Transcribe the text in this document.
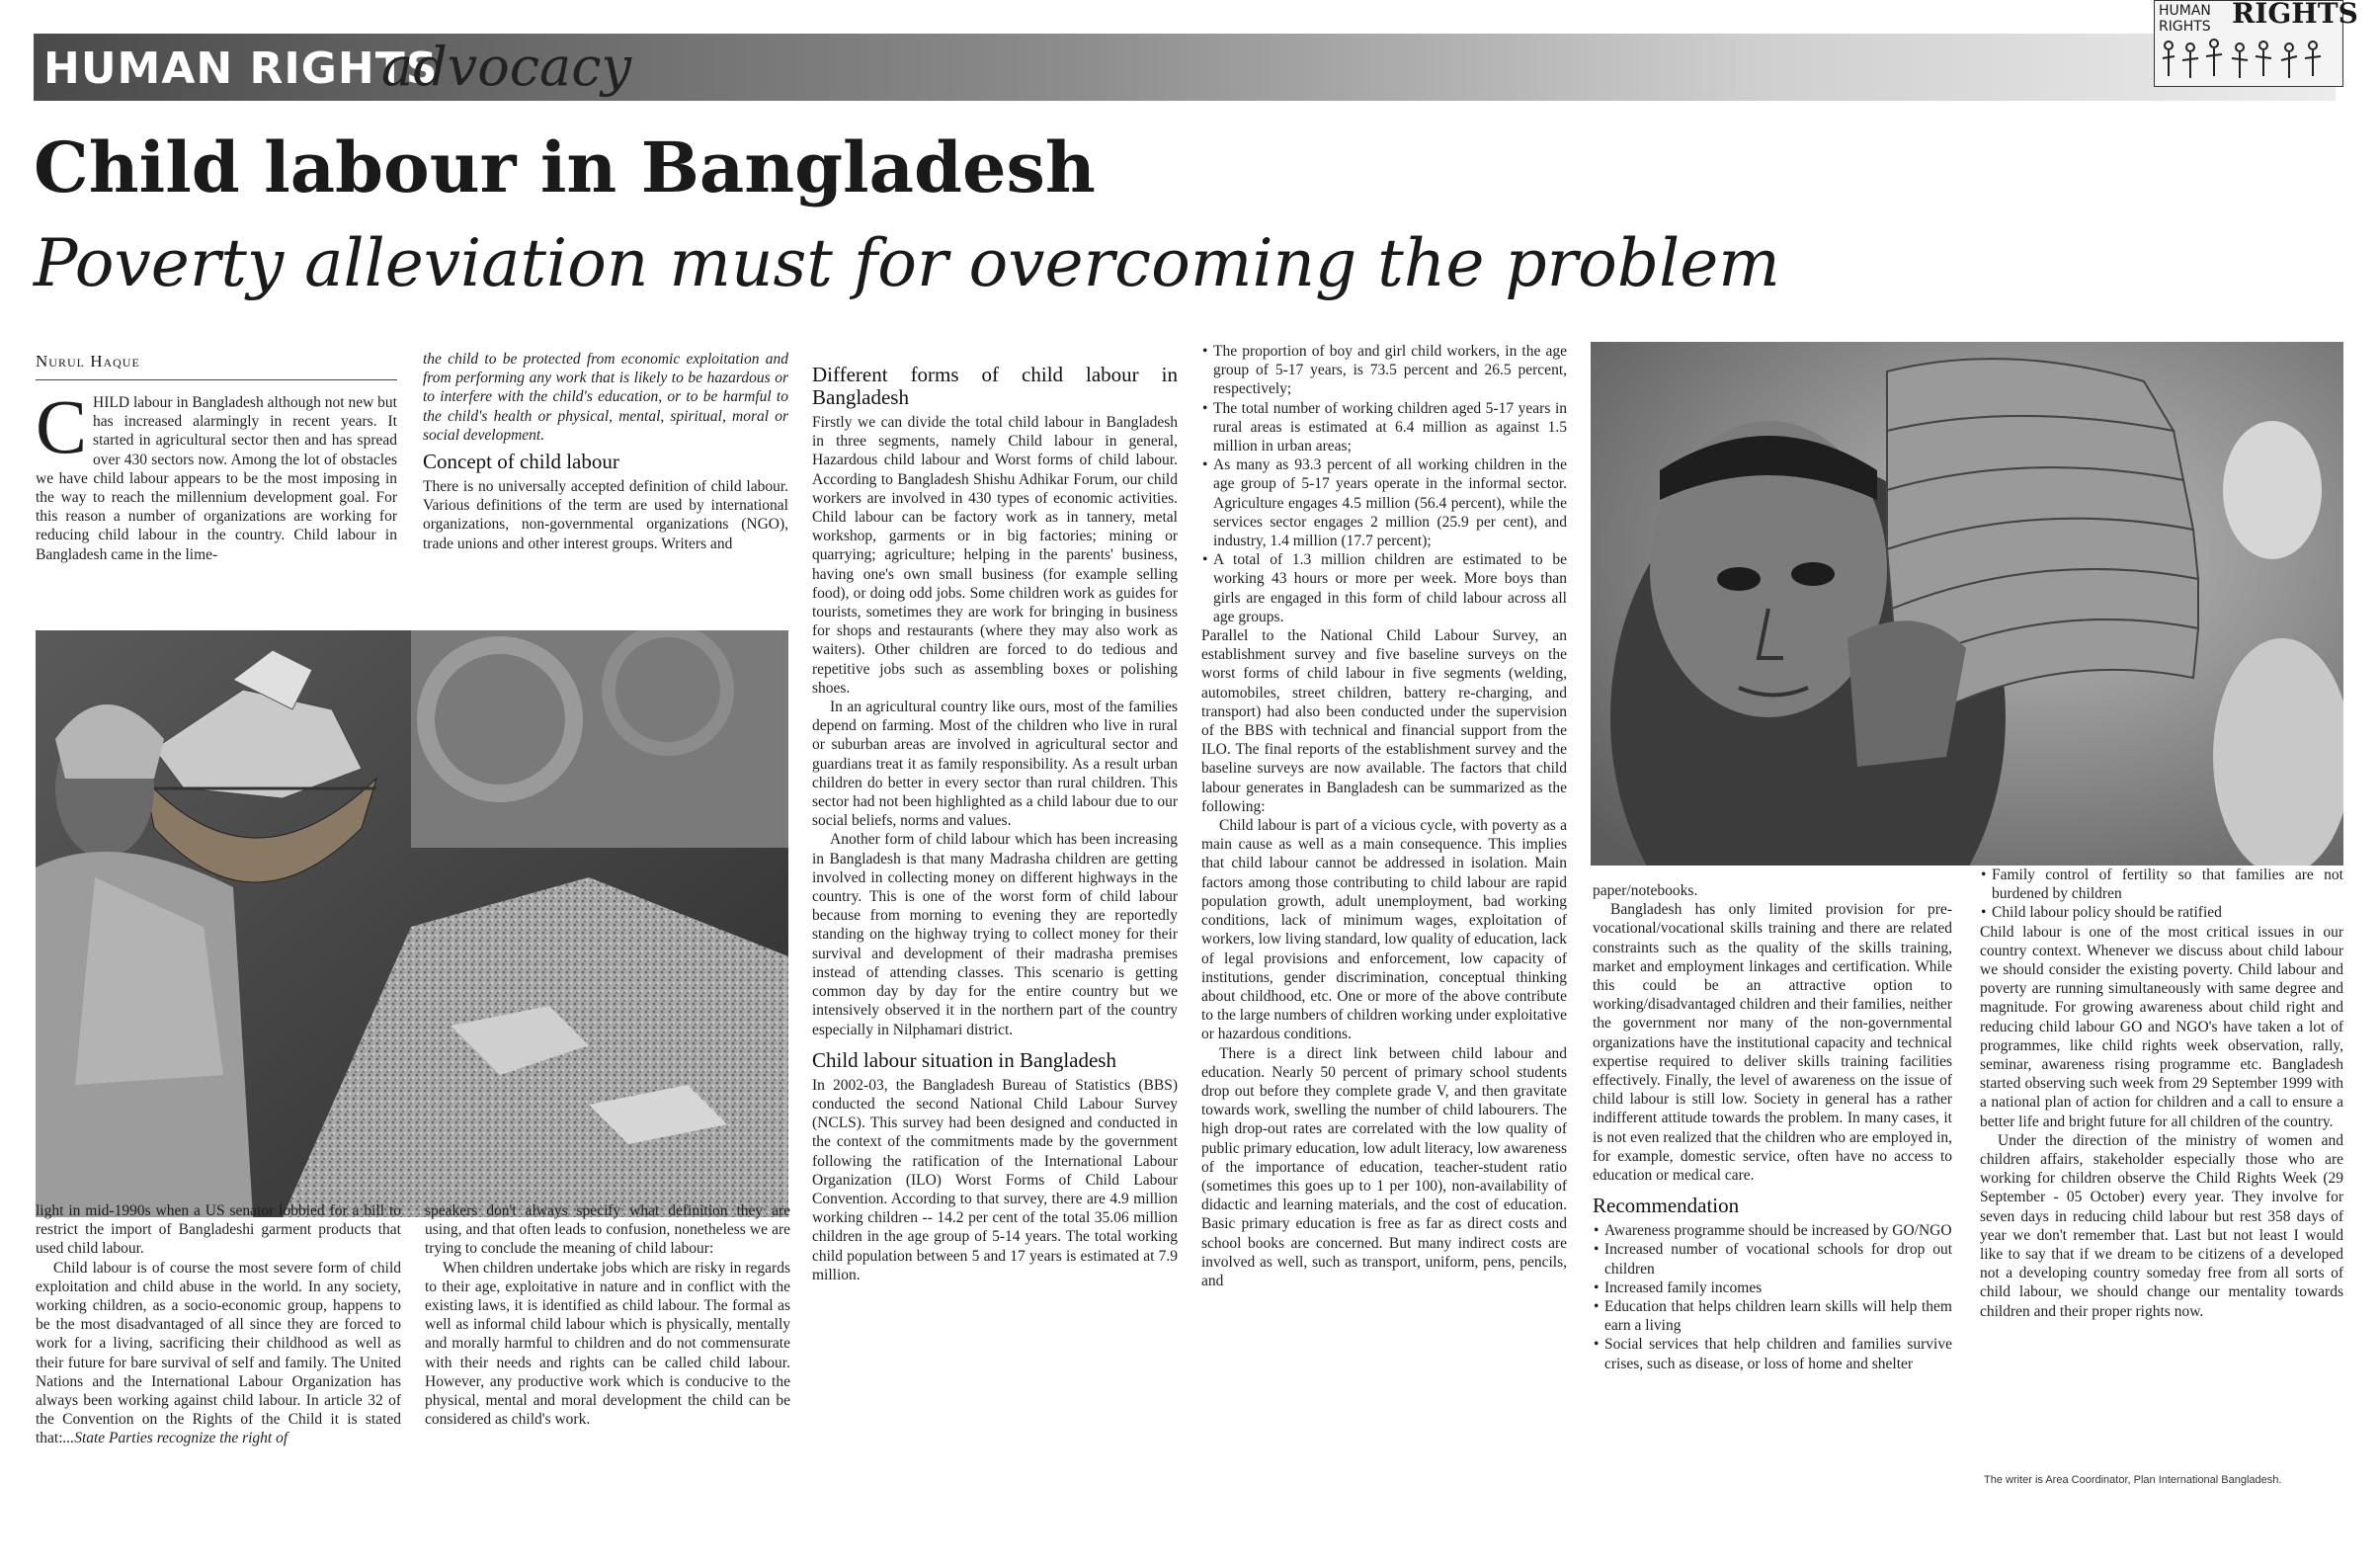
HUMAN RIGHTS
advocacy
HUMAN
RIGHTS RIGHTS
Child labour in Bangladesh
Poverty alleviation must for overcoming the problem
Nurul Haque
C HILD labour in Bangladesh although not new but has increased alarmingly in recent years. It started in agricultural sector then and has spread over 430 sectors now. Among the lot of obstacles we have child labour appears to be the most imposing in the way to reach the millennium development goal. For this reason a number of organizations are working for reducing child labour in the country. Child labour in Bangladesh came in the lime-

the child to be protected from economic exploitation and from performing any work that is likely to be hazardous or to interfere with the child's education, or to be harmful to the child's health or physical, mental, spiritual, moral or social development.

Concept of child labour

There is no universally accepted definition of child labour. Various definitions of the term are used by international organizations, non-governmental organizations (NGO), trade unions and other interest groups. Writers and

light in mid-1990s when a US senator lobbied for a bill to restrict the import of Bangladeshi garment products that used child labour.

Child labour is of course the most severe form of child exploitation and child abuse in the world. In any society, working children, as a socio-economic group, happens to be the most disadvantaged of all since they are forced to work for a living, sacrificing their childhood as well as their future for bare survival of self and family. The United Nations and the International Labour Organization has always been working against child labour. In article 32 of the Convention on the Rights of the Child it is stated that:...State Parties recognize the right of

speakers don't always specify what definition they are using, and that often leads to confusion, nonetheless we are trying to conclude the meaning of child labour:

When children undertake jobs which are risky in regards to their age, exploitative in nature and in conflict with the existing laws, it is identified as child labour. The formal as well as informal child labour which is physically, mentally and morally harmful to children and do not commensurate with their needs and rights can be called child labour. However, any productive work which is conducive to the physical, mental and moral development the child can be considered as child's work.

Different forms of child labour in Bangladesh

Firstly we can divide the total child labour in Bangladesh in three segments, namely Child labour in general, Hazardous child labour and Worst forms of child labour. According to Bangladesh Shishu Adhikar Forum, our child workers are involved in 430 types of economic activities. Child labour can be factory work as in tannery, metal workshop, garments or in big factories; mining or quarrying; agriculture; helping in the parents' business, having one's own small business (for example selling food), or doing odd jobs. Some children work as guides for tourists, sometimes they are work for bringing in business for shops and restaurants (where they may also work as waiters). Other children are forced to do tedious and repetitive jobs such as assembling boxes or polishing shoes.

In an agricultural country like ours, most of the families depend on farming. Most of the children who live in rural or suburban areas are involved in agricultural sector and guardians treat it as family responsibility. As a result urban children do better in every sector than rural children. This sector had not been highlighted as a child labour due to our social beliefs, norms and values.

Another form of child labour which has been increasing in Bangladesh is that many Madrasha children are getting involved in collecting money on different highways in the country. This is one of the worst form of child labour because from morning to evening they are reportedly standing on the highway trying to collect money for their survival and development of their madrasha premises instead of attending classes. This scenario is getting common day by day for the entire country but we intensively observed it in the northern part of the country especially in Nilphamari district.

Child labour situation in Bangladesh

In 2002-03, the Bangladesh Bureau of Statistics (BBS) conducted the second National Child Labour Survey (NCLS). This survey had been designed and conducted in the context of the commitments made by the government following the ratification of the International Labour Organization (ILO) Worst Forms of Child Labour Convention. According to that survey, there are 4.9 million working children -- 14.2 per cent of the total 35.06 million children in the age group of 5-14 years. The total working child population between 5 and 17 years is estimated at 7.9 million.

• The proportion of boy and girl child workers, in the age group of 5-17 years, is 73.5 percent and 26.5 percent, respectively;
• The total number of working children aged 5-17 years in rural areas is estimated at 6.4 million as against 1.5 million in urban areas;
• As many as 93.3 percent of all working children in the age group of 5-17 years operate in the informal sector. Agriculture engages 4.5 million (56.4 percent), while the services sector engages 2 million (25.9 per cent), and industry, 1.4 million (17.7 percent);
• A total of 1.3 million children are estimated to be working 43 hours or more per week. More boys than girls are engaged in this form of child labour across all age groups.

Parallel to the National Child Labour Survey, an establishment survey and five baseline surveys on the worst forms of child labour in five segments (welding, automobiles, street children, battery re-charging, and transport) had also been conducted under the supervision of the BBS with technical and financial support from the ILO. The final reports of the establishment survey and the baseline surveys are now available. The factors that child labour generates in Bangladesh can be summarized as the following:

Child labour is part of a vicious cycle, with poverty as a main cause as well as a main consequence. This implies that child labour cannot be addressed in isolation. Main factors among those contributing to child labour are rapid population growth, adult unemployment, bad working conditions, lack of minimum wages, exploitation of workers, low living standard, low quality of education, lack of legal provisions and enforcement, low capacity of institutions, gender discrimination, conceptual thinking about childhood, etc. One or more of the above contribute to the large numbers of children working under exploitative or hazardous conditions.

There is a direct link between child labour and education. Nearly 50 percent of primary school students drop out before they complete grade V, and then gravitate towards work, swelling the number of child labourers. The high drop-out rates are correlated with the low quality of public primary education, low adult literacy, low awareness of the importance of education, teacher-student ratio (sometimes this goes up to 1 per 100), non-availability of didactic and learning materials, and the cost of education. Basic primary education is free as far as direct costs and school books are concerned. But many indirect costs are involved as well, such as transport, uniform, pens, pencils, and

paper/notebooks.

Bangladesh has only limited provision for pre-vocational/vocational skills training and there are related constraints such as the quality of the skills training, market and employment linkages and certification. While this could be an attractive option to working/disadvantaged children and their families, neither the government nor many of the non-governmental organizations have the institutional capacity and technical expertise required to deliver skills training facilities effectively. Finally, the level of awareness on the issue of child labour is still low. Society in general has a rather indifferent attitude towards the problem. In many cases, it is not even realized that the children who are employed in, for example, domestic service, often have no access to education or medical care.

Recommendation
• Awareness programme should be increased by GO/NGO
• Increased number of vocational schools for drop out children
• Increased family incomes
• Education that helps children learn skills will help them earn a living
• Social services that help children and families survive crises, such as disease, or loss of home and shelter
• Family control of fertility so that families are not burdened by children
• Child labour policy should be ratified

Child labour is one of the most critical issues in our country context. Whenever we discuss about child labour we should consider the existing poverty. Child labour and poverty are running simultaneously with same degree and magnitude. For growing awareness about child right and reducing child labour GO and NGO's have taken a lot of programmes, like child rights week observation, rally, seminar, awareness rising programme etc. Bangladesh started observing such week from 29 September 1999 with a national plan of action for children and a call to ensure a better life and bright future for all children of the country.

Under the direction of the ministry of women and children affairs, stakeholder especially those who are working for children observe the Child Rights Week (29 September - 05 October) every year. They involve for seven days in reducing child labour but rest 358 days of year we don't remember that. Last but not least I would like to say that if we dream to be citizens of a developed not a developing country someday free from all sorts of child labour, we should change our mentality towards children and their proper rights now.

The writer is Area Coordinator, Plan International Bangladesh.
